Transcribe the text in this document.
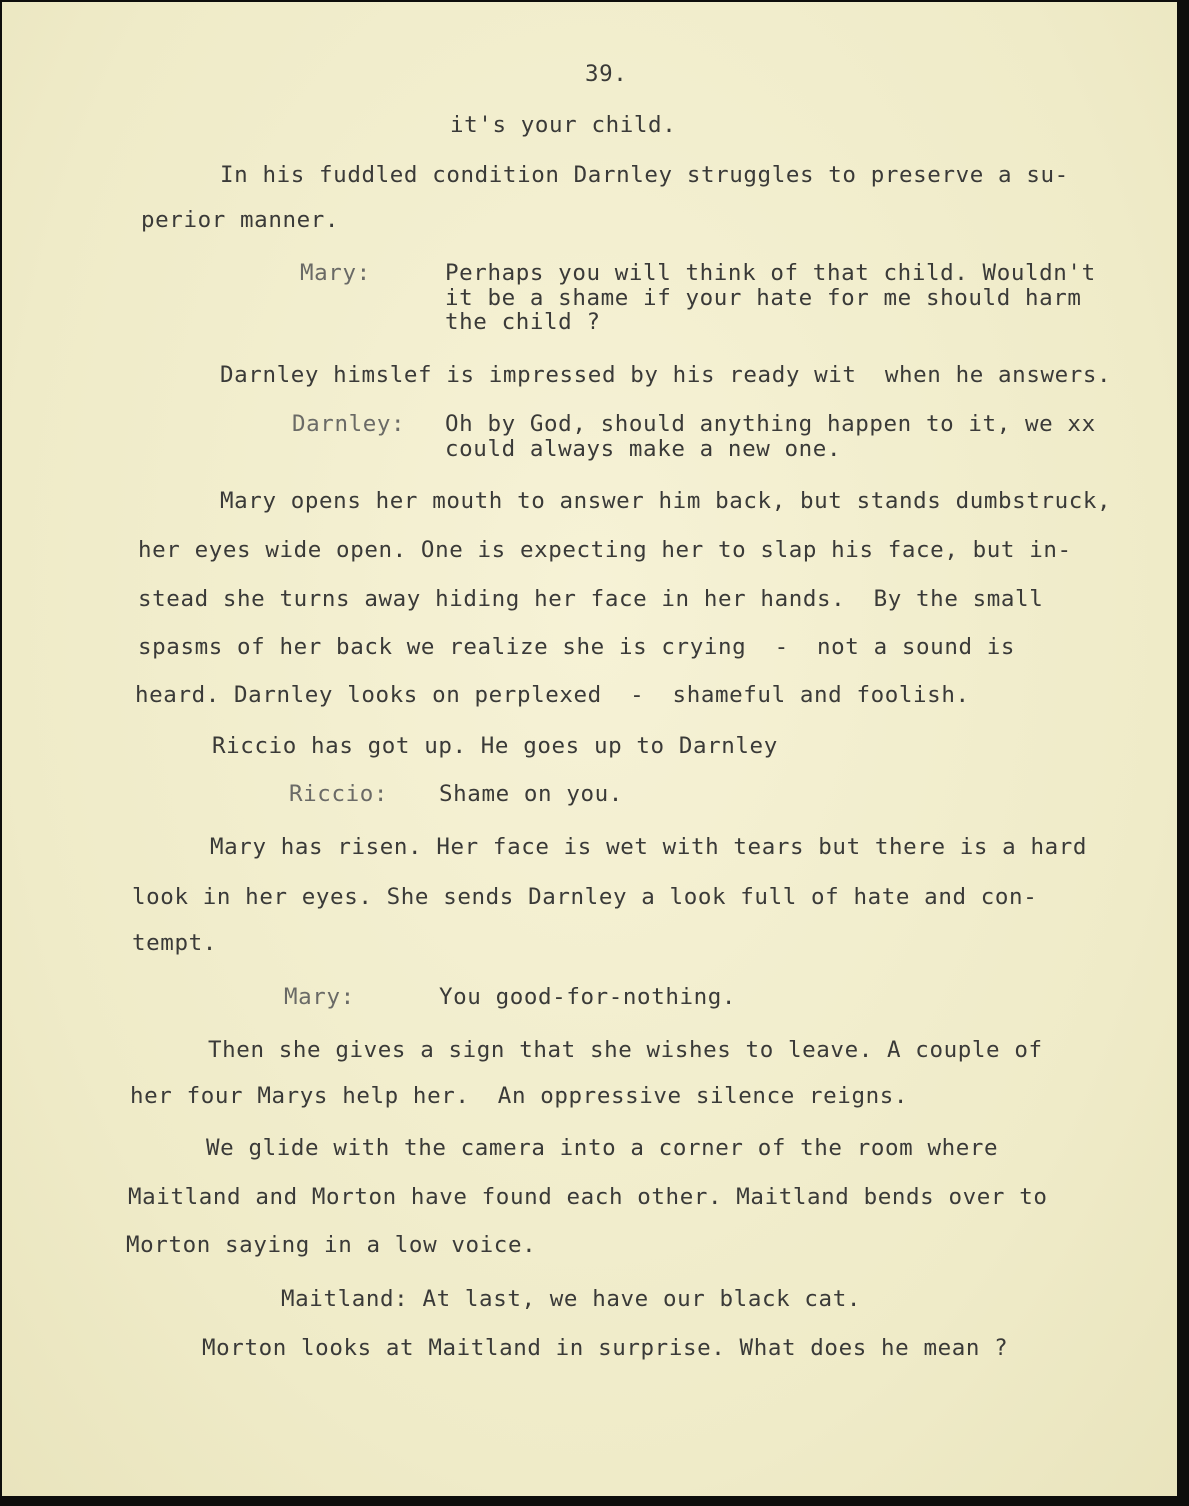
39.
it's your child.
In his fuddled condition Darnley struggles to preserve a su-
perior manner.
Mary:	Perhaps you will think of that child. Wouldn't
it be a shame if your hate for me should harm
the child ?
Darnley himslef is impressed by his ready wit  when he answers.
Darnley: Oh by God, should anything happen to it, we xx
could always make a new one.
Mary opens her mouth to answer him back, but stands dumbstruck,
her eyes wide open. One is expecting her to slap his face, but in-
stead she turns away hiding her face in her hands.  By the small
spasms of her back we realize she is crying  -  not a sound is
heard. Darnley looks on perplexed  -  shameful and foolish.
Riccio has got up. He goes up to Darnley
Riccio: Shame on you.
Mary has risen. Her face is wet with tears but there is a hard
look in her eyes. She sends Darnley a look full of hate and con-
tempt.
Mary:	You good-for-nothing.
Then she gives a sign that she wishes to leave. A couple of
her four Marys help her.  An oppressive silence reigns.
We glide with the camera into a corner of the room where
Maitland and Morton have found each other. Maitland bends over to
Morton saying in a low voice.
Maitland: At last, we have our black cat.
Morton looks at Maitland in surprise. What does he mean ?
